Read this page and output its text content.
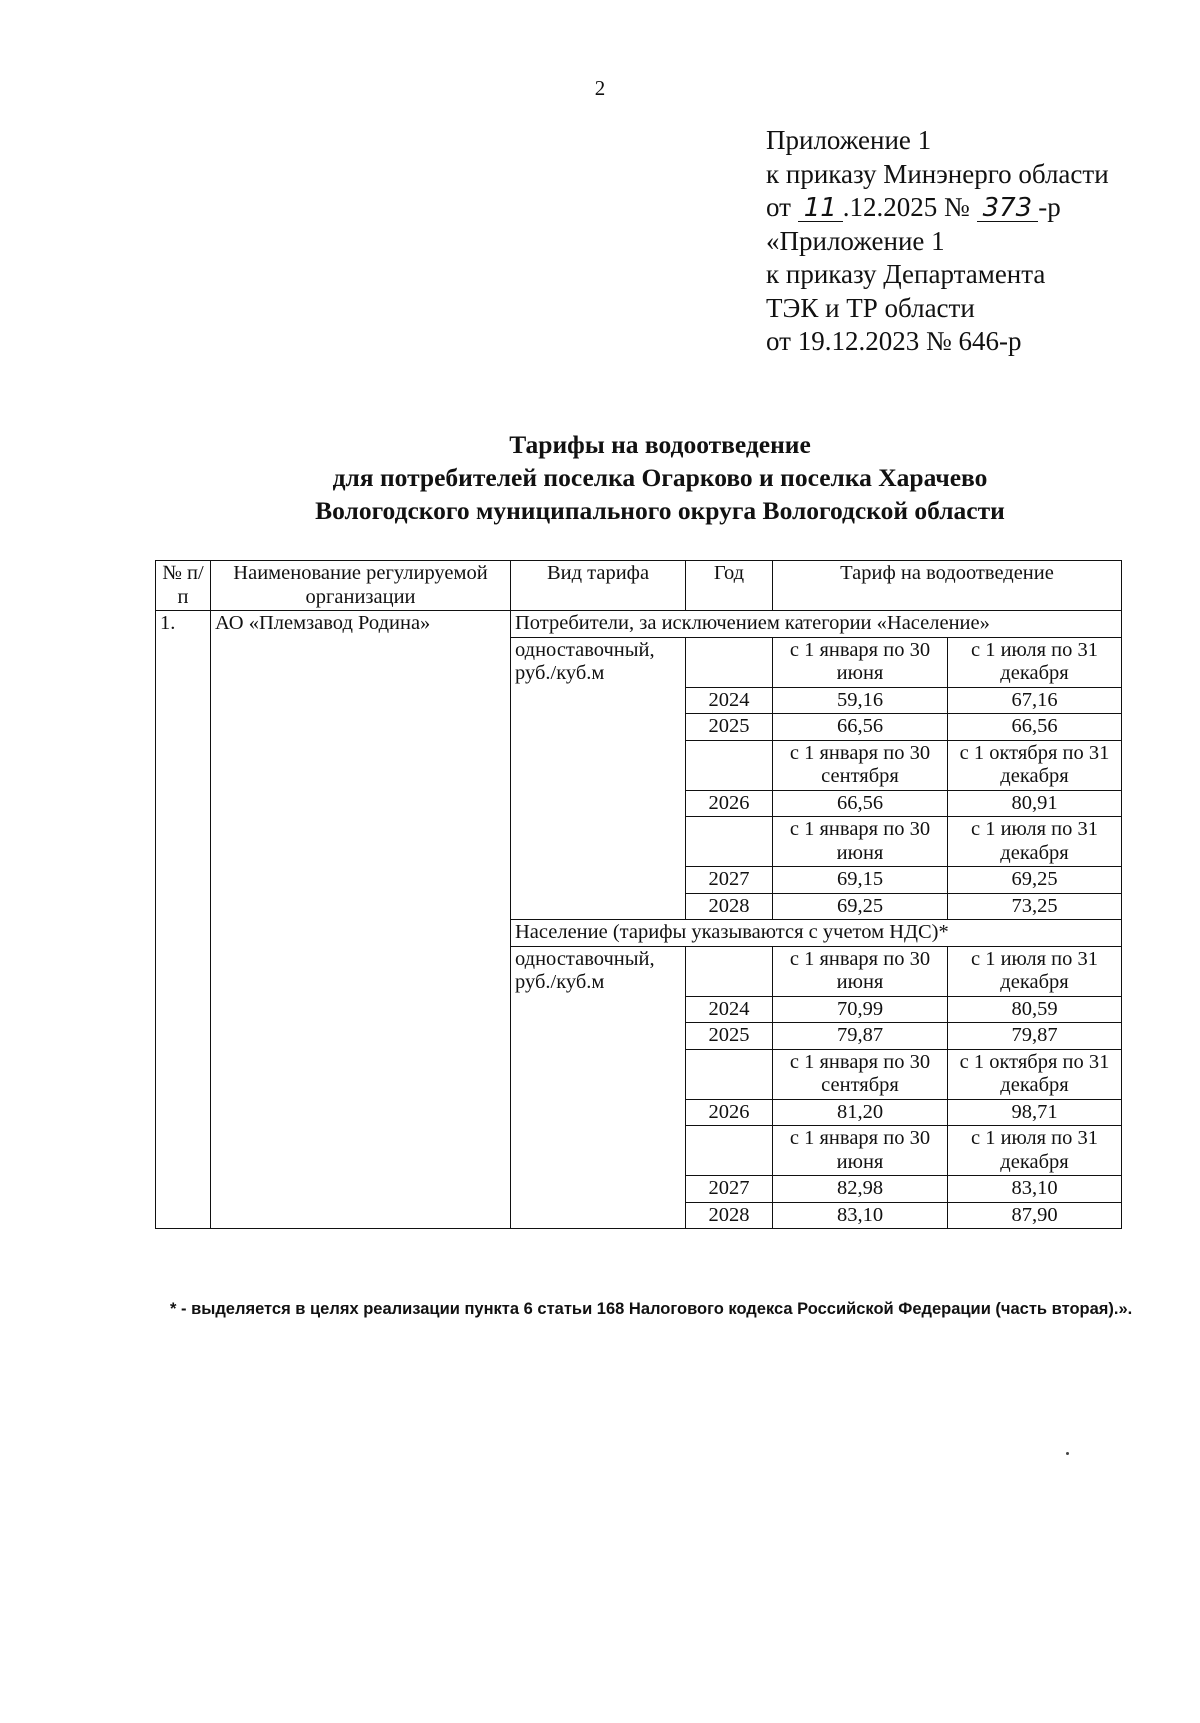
2
Приложение 1
к приказу Минэнерго области
от 11 .12.2025 № 373 -р
«Приложение 1
к приказу Департамента
ТЭК и ТР области
от 19.12.2023 № 646-р
Тарифы на водоотведение
для потребителей поселка Огарково и поселка Харачево
Вологодского муниципального округа Вологодской области
№ п/п	Наименование регулируемой организации	Вид тарифа	Год	Тариф на водоотведение	
1.	АО «Племзавод Родина»	Потребители, за исключением категории «Население»			
		одноставочный, руб./куб.м		с 1 января по 30 июня	с 1 июля по 31 декабря
			2024	59,16	67,16
			2025	66,56	66,56
				с 1 января по 30 сентября	с 1 октября по 31 декабря
			2026	66,56	80,91
				с 1 января по 30 июня	с 1 июля по 31 декабря
			2027	69,15	69,25
			2028	69,25	73,25
		Население (тарифы указываются с учетом НДС)*			
		одноставочный, руб./куб.м		с 1 января по 30 июня	с 1 июля по 31 декабря
			2024	70,99	80,59
			2025	79,87	79,87
				с 1 января по 30 сентября	с 1 октября по 31 декабря
			2026	81,20	98,71
				с 1 января по 30 июня	с 1 июля по 31 декабря
			2027	82,98	83,10
			2028	83,10	87,90
* - выделяется в целях реализации пункта 6 статьи 168 Налогового кодекса Российской Федерации (часть вторая).».
